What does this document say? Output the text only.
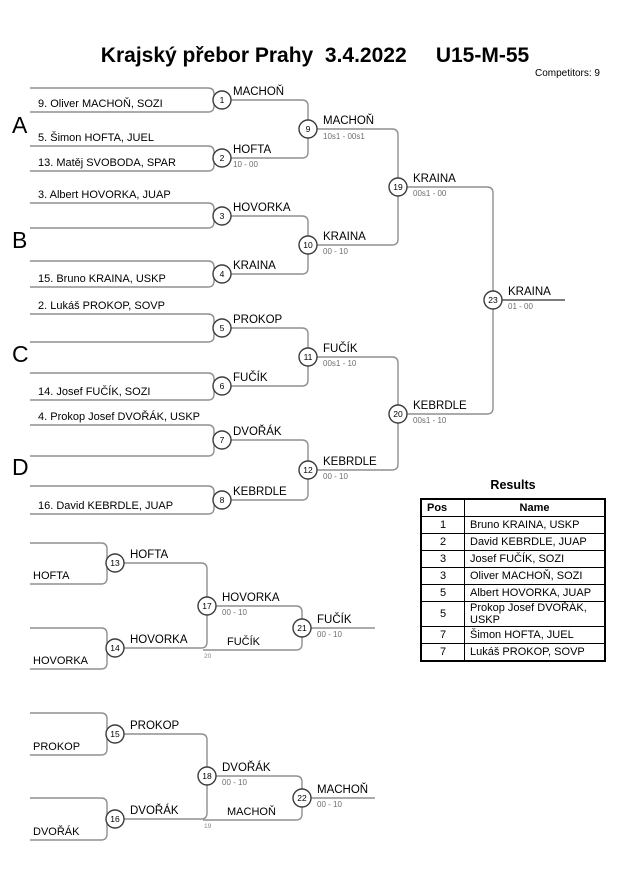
Krajský přebor Prahy  3.4.2022     U15-M-55
Competitors: 9
A
B
C
D
9. Oliver MACHOŇ, SOZI
5. Šimon HOFTA, JUEL
13. Matěj SVOBODA, SPAR
3. Albert HOVORKA, JUAP
15. Bruno KRAINA, USKP
2. Lukáš PROKOP, SOVP
14. Josef FUČÍK, SOZI
4. Prokop Josef DVOŘÁK, USKP
16. David KEBRDLE, JUAP
HOFTA
HOVORKA
FUČÍK
20
PROKOP
DVOŘÁK
MACHOŇ
19
1
MACHOŇ
2
HOFTA
10 - 00
3
HOVORKA
4
KRAINA
5
PROKOP
6
FUČÍK
7
DVOŘÁK
8
KEBRDLE
9
MACHOŇ
10s1 - 00s1
10
KRAINA
00 - 10
11
FUČÍK
00s1 - 10
12
KEBRDLE
00 - 10
19
KRAINA
00s1 - 00
20
KEBRDLE
00s1 - 10
23
KRAINA
01 - 00
13
HOFTA
14
HOVORKA
17
HOVORKA
00 - 10
21
FUČÍK
00 - 10
15
PROKOP
16
DVOŘÁK
18
DVOŘÁK
00 - 10
22
MACHOŇ
00 - 10
Results
Pos	Name
1	Bruno KRAINA, USKP
2	David KEBRDLE, JUAP
3	Josef FUČÍK, SOZI
3	Oliver MACHOŇ, SOZI
5	Albert HOVORKA, JUAP
5	Prokop Josef DVOŘÁK, USKP
7	Šimon HOFTA, JUEL
7	Lukáš PROKOP, SOVP
